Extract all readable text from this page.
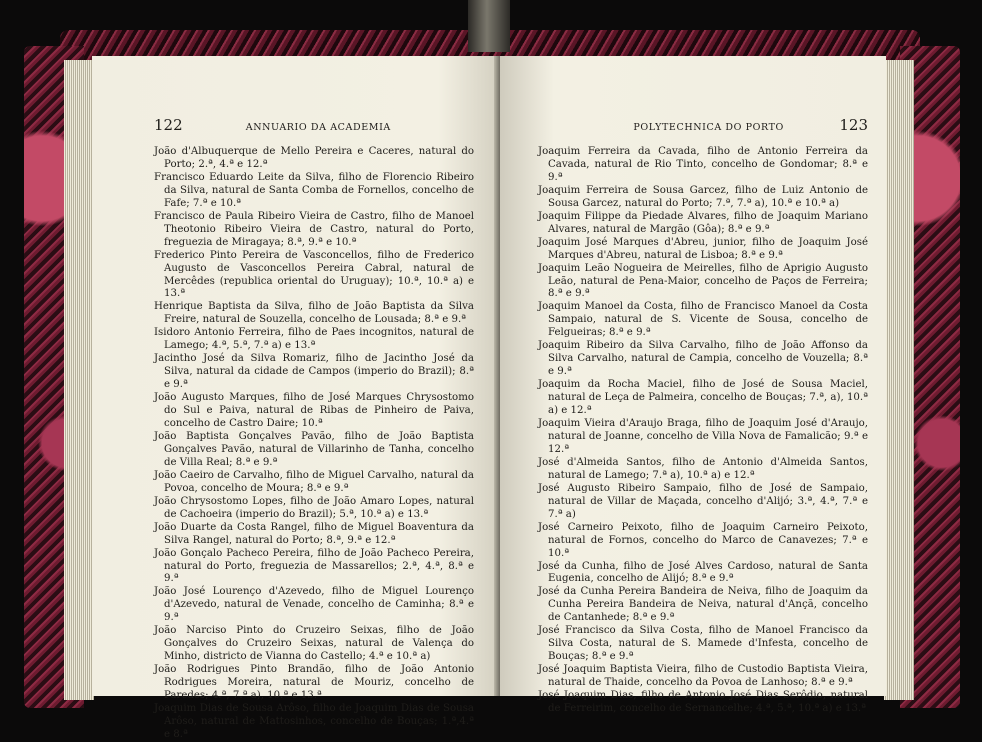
122	ANNUARIO DA ACADEMIA
João d'Albuquerque de Mello Pereira e Caceres, natural do Porto; 2.ª, 4.ª e 12.ª
Francisco Eduardo Leite da Silva, filho de Florencio Ribeiro da Silva, natural de Santa Comba de Fornellos, concelho de Fafe; 7.ª e 10.ª
Francisco de Paula Ribeiro Vieira de Castro, filho de Manoel Theotonio Ribeiro Vieira de Castro, natural do Porto, freguezia de Miragaya; 8.ª, 9.ª e 10.ª
Frederico Pinto Pereira de Vasconcellos, filho de Frederico Augusto de Vasconcellos Pereira Cabral, natural de Mercêdes (republica oriental do Uruguay); 10.ª, 10.ª a) e 13.ª
Henrique Baptista da Silva, filho de João Baptista da Silva Freire, natural de Souzella, concelho de Lousada; 8.ª e 9.ª
Isidoro Antonio Ferreira, filho de Paes incognitos, natural de Lamego; 4.ª, 5.ª, 7.ª a) e 13.ª
Jacintho José da Silva Romariz, filho de Jacintho José da Silva, natural da cidade de Campos (imperio do Brazil); 8.ª e 9.ª
João Augusto Marques, filho de José Marques Chrysostomo do Sul e Paiva, natural de Ribas de Pinheiro de Paiva, concelho de Castro Daire; 10.ª
João Baptista Gonçalves Pavão, filho de João Baptista Gonçalves Pavão, natural de Villarinho de Tanha, concelho de Villa Real; 8.ª e 9.ª
João Caeiro de Carvalho, filho de Miguel Carvalho, natural da Povoa, concelho de Moura; 8.ª e 9.ª
João Chrysostomo Lopes, filho de João Amaro Lopes, natural de Cachoeira (imperio do Brazil); 5.ª, 10.ª a) e 13.ª
João Duarte da Costa Rangel, filho de Miguel Boaventura da Silva Rangel, natural do Porto; 8.ª, 9.ª e 12.ª
João Gonçalo Pacheco Pereira, filho de João Pacheco Pereira, natural do Porto, freguezia de Massarellos; 2.ª, 4.ª, 8.ª e 9.ª
João José Lourenço d'Azevedo, filho de Miguel Lourenço d'Azevedo, natural de Venade, concelho de Caminha; 8.ª e 9.ª
João Narciso Pinto do Cruzeiro Seixas, filho de João Gonçalves do Cruzeiro Seixas, natural de Valença do Minho, districto de Vianna do Castello; 4.ª e 10.ª a)
João Rodrigues Pinto Brandão, filho de João Antonio Rodrigues Moreira, natural de Mouriz, concelho de Paredes; 4.ª, 7.ª a), 10.ª e 13.ª
Joaquim Dias de Sousa Arôso, filho de Joaquim Dias de Sousa Arôso, natural de Mattosinhos, concelho de Bouças; 1.ª,4.ª e 8.ª
POLYTECHNICA DO PORTO	123
Joaquim Ferreira da Cavada, filho de Antonio Ferreira da Cavada, natural de Rio Tinto, concelho de Gondomar; 8.ª e 9.ª
Joaquim Ferreira de Sousa Garcez, filho de Luiz Antonio de Sousa Garcez, natural do Porto; 7.ª, 7.ª a), 10.ª e 10.ª a)
Joaquim Filippe da Piedade Alvares, filho de Joaquim Mariano Alvares, natural de Margão (Gôa); 8.ª e 9.ª
Joaquim José Marques d'Abreu, junior, filho de Joaquim José Marques d'Abreu, natural de Lisboa; 8.ª e 9.ª
Joaquim Leão Nogueira de Meirelles, filho de Aprigio Augusto Leão, natural de Pena-Maior, concelho de Paços de Ferreira; 8.ª e 9.ª
Joaquim Manoel da Costa, filho de Francisco Manoel da Costa Sampaio, natural de S. Vicente de Sousa, concelho de Felgueiras; 8.ª e 9.ª
Joaquim Ribeiro da Silva Carvalho, filho de João Affonso da Silva Carvalho, natural de Campia, concelho de Vouzella; 8.ª e 9.ª
Joaquim da Rocha Maciel, filho de José de Sousa Maciel, natural de Leça de Palmeira, concelho de Bouças; 7.ª, a), 10.ª a) e 12.ª
Joaquim Vieira d'Araujo Braga, filho de Joaquim José d'Araujo, natural de Joanne, concelho de Villa Nova de Famalicão; 9.ª e 12.ª
José d'Almeida Santos, filho de Antonio d'Almeida Santos, natural de Lamego; 7.ª a), 10.ª a) e 12.ª
José Augusto Ribeiro Sampaio, filho de José de Sampaio, natural de Villar de Maçada, concelho d'Alijó; 3.ª, 4.ª, 7.ª e 7.ª a)
José Carneiro Peixoto, filho de Joaquim Carneiro Peixoto, natural de Fornos, concelho do Marco de Canavezes; 7.ª e 10.ª
José da Cunha, filho de José Alves Cardoso, natural de Santa Eugenia, concelho de Alijó; 8.ª e 9.ª
José da Cunha Pereira Bandeira de Neiva, filho de Joaquim da Cunha Pereira Bandeira de Neiva, natural d'Ançã, concelho de Cantanhede; 8.ª e 9.ª
José Francisco da Silva Costa, filho de Manoel Francisco da Silva Costa, natural de S. Mamede d'Infesta, concelho de Bouças; 8.ª e 9.ª
José Joaquim Baptista Vieira, filho de Custodio Baptista Vieira, natural de Thaide, concelho da Povoa de Lanhoso; 8.ª e 9.ª
José Joaquim Dias, filho de Antonio José Dias Serôdio, natural de Ferreirim, concelho de Sernancelhe; 4.ª, 5.ª, 10.ª a) e 13.ª
